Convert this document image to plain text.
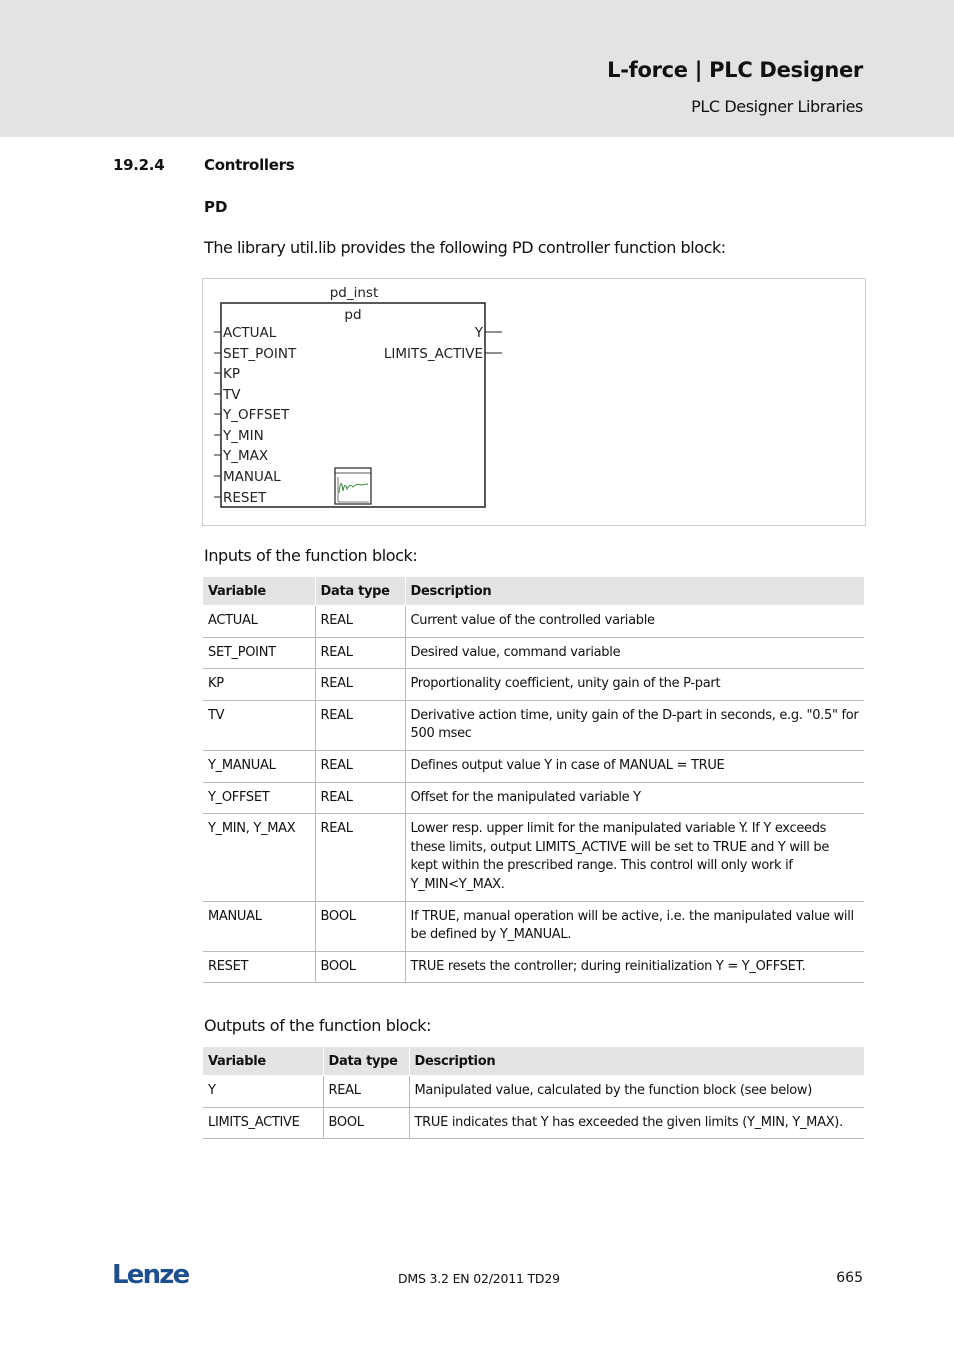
L-force | PLC Designer
PLC Designer Libraries
19.2.4	Controllers
PD
The library util.lib provides the following PD controller function block:
pd_inst
pd
ACTUAL
SET_POINT
KP
TV
Y_OFFSET
Y_MIN
Y_MAX
MANUAL
RESET
Y
LIMITS_ACTIVE
Inputs of the function block:
Variable	Data type	Description
ACTUAL	REAL	Current value of the controlled variable
SET_POINT	REAL	Desired value, command variable
KP	REAL	Proportionality coefficient, unity gain of the P-part
TV	REAL	Derivative action time, unity gain of the D-part in seconds, e.g. "0.5" for 500 msec
Y_MANUAL	REAL	Defines output value Y in case of MANUAL = TRUE
Y_OFFSET	REAL	Offset for the manipulated variable Y
Y_MIN, Y_MAX	REAL	Lower resp. upper limit for the manipulated variable Y. If Y exceeds these limits, output LIMITS_ACTIVE will be set to TRUE and Y will be kept within the prescribed range. This control will only work if Y_MIN<Y_MAX.
MANUAL	BOOL	If TRUE, manual operation will be active, i.e. the manipulated value will be defined by Y_MANUAL.
RESET	BOOL	TRUE resets the controller; during reinitialization Y = Y_OFFSET.
Outputs of the function block:
Variable	Data type	Description
Y	REAL	Manipulated value, calculated by the function block (see below)
LIMITS_ACTIVE	BOOL	TRUE indicates that Y has exceeded the given limits (Y_MIN, Y_MAX).
Lenze	DMS 3.2 EN 02/2011 TD29	665
